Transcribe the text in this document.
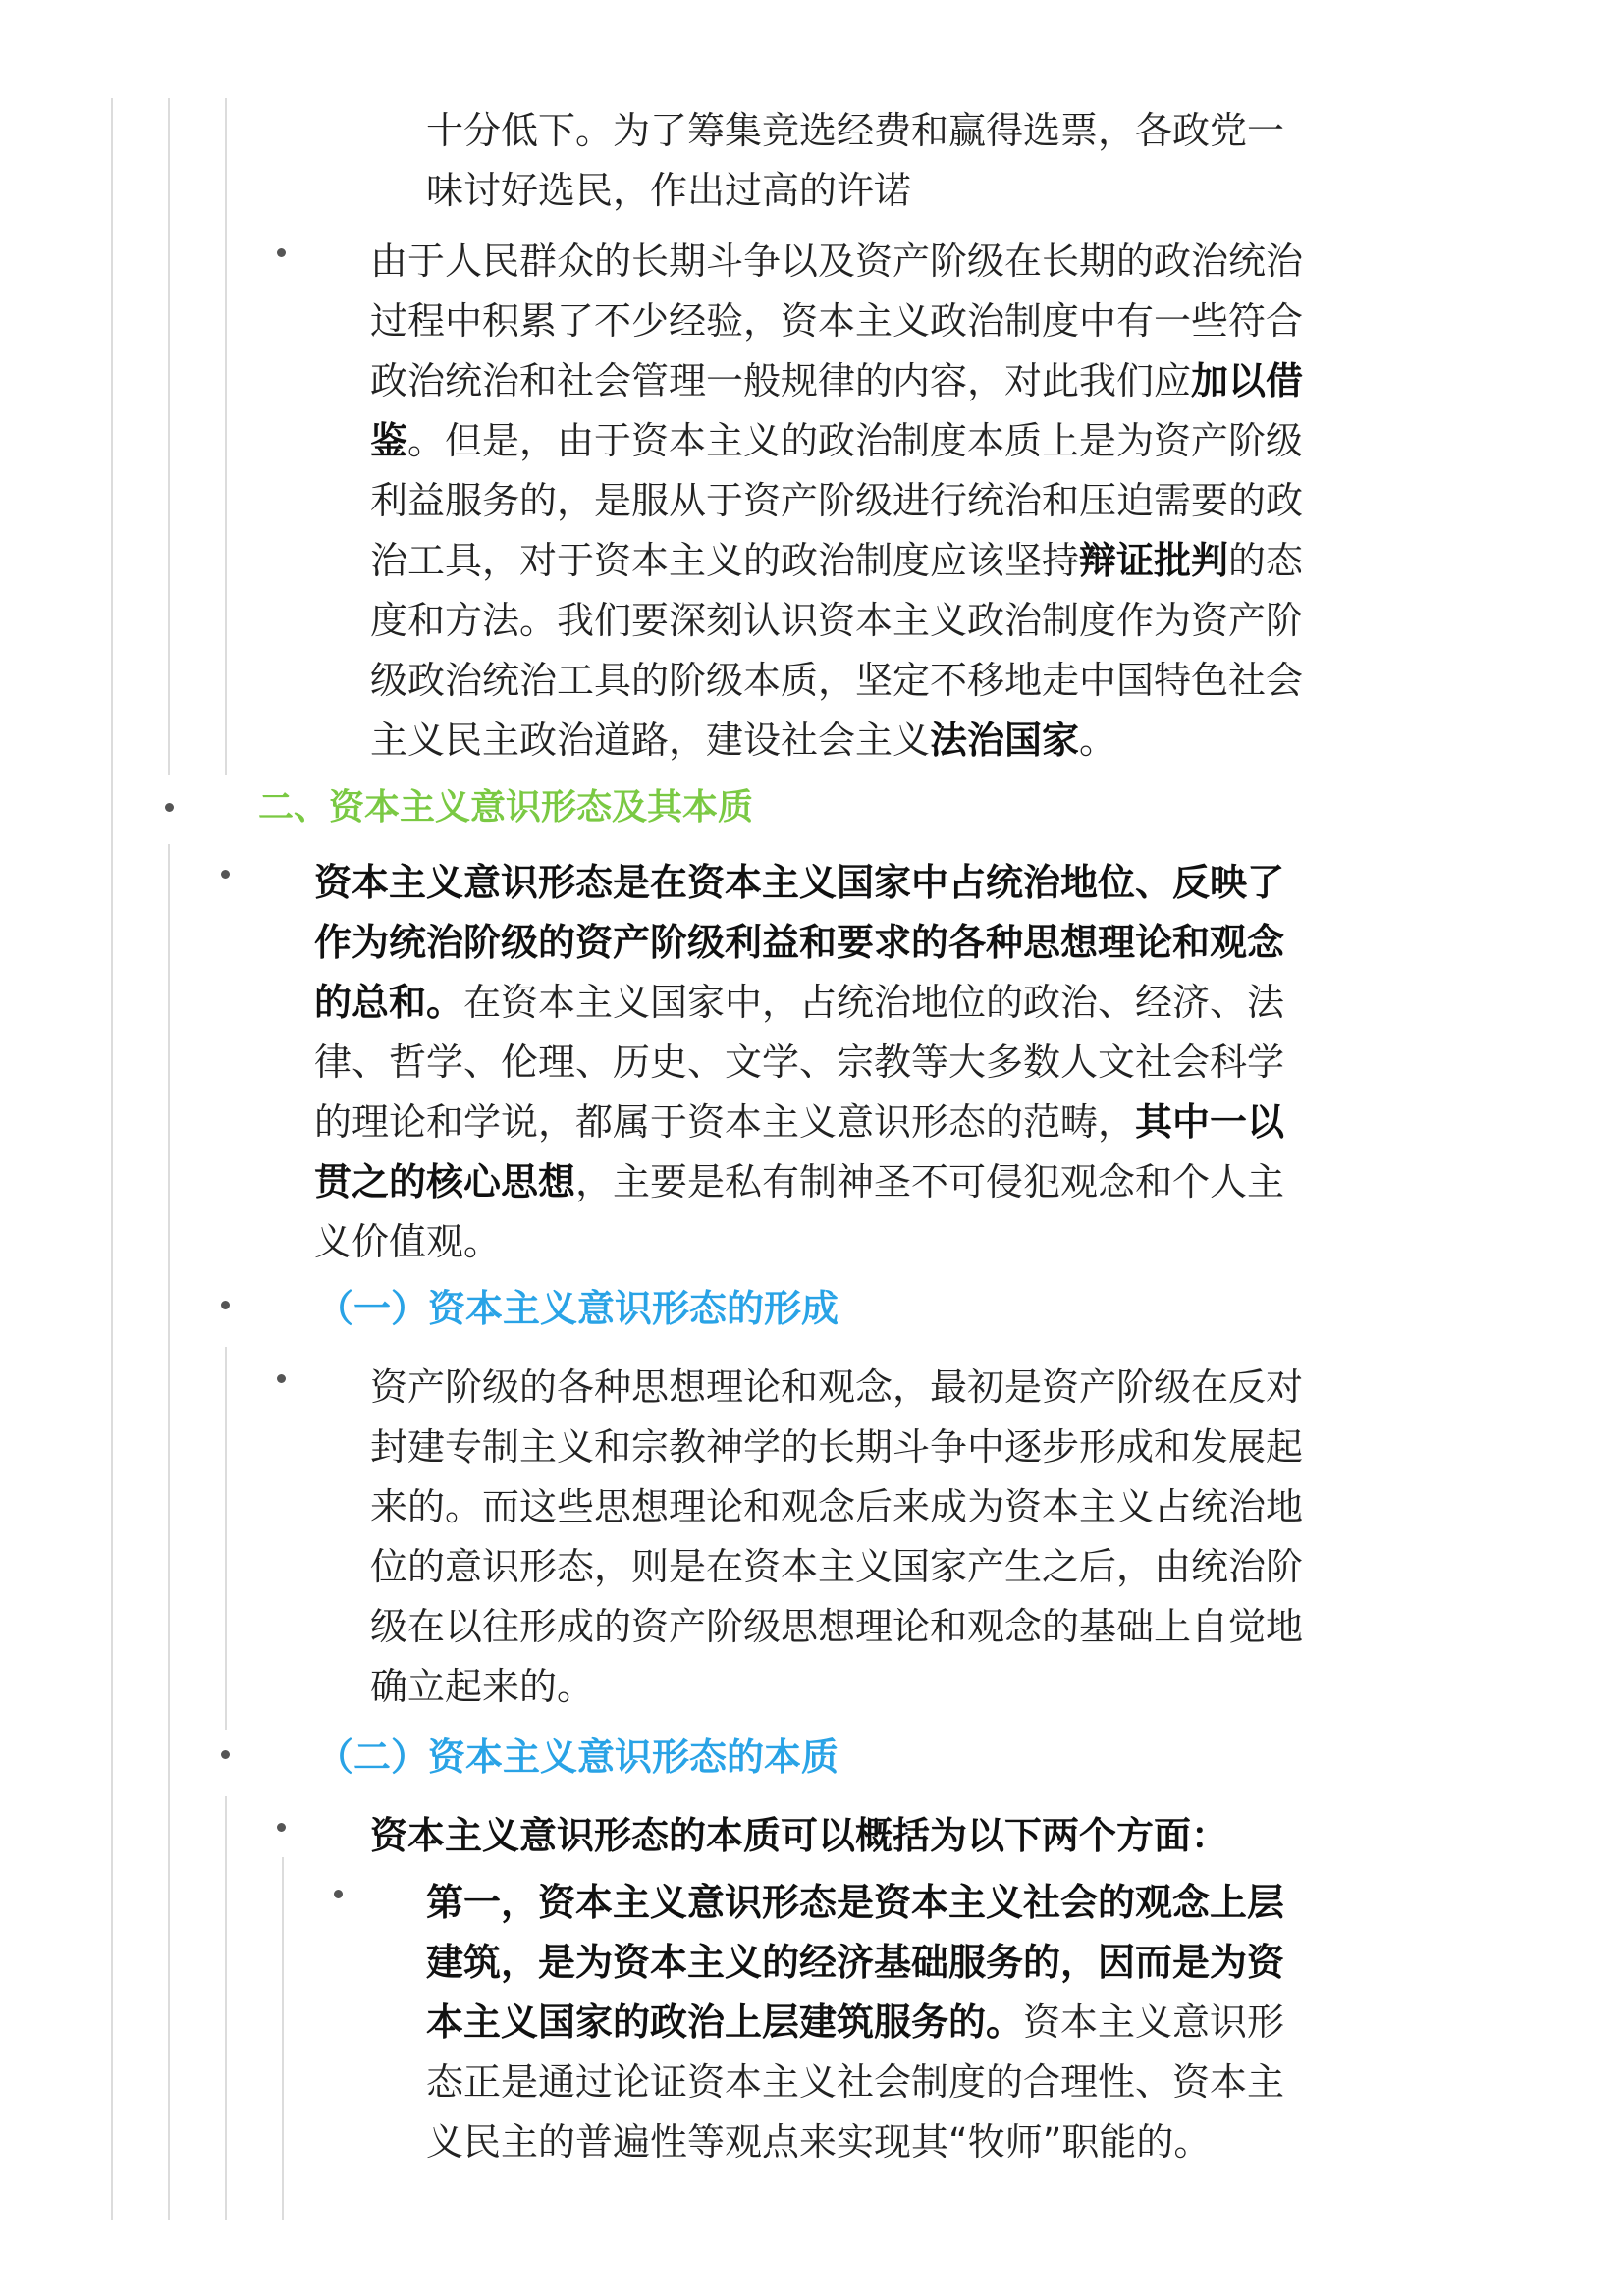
十分低下。为了筹集竞选经费和赢得选票，各政党一
味讨好选民，作出过高的许诺
由于人民群众的长期斗争以及资产阶级在长期的政治统治
过程中积累了不少经验，资本主义政治制度中有一些符合
政治统治和社会管理一般规律的内容，对此我们应加以借
鉴。但是，由于资本主义的政治制度本质上是为资产阶级
利益服务的，是服从于资产阶级进行统治和压迫需要的政
治工具，对于资本主义的政治制度应该坚持辩证批判的态
度和方法。我们要深刻认识资本主义政治制度作为资产阶
级政治统治工具的阶级本质，坚定不移地走中国特色社会
主义民主政治道路，建设社会主义法治国家。
二、资本主义意识形态及其本质
资本主义意识形态是在资本主义国家中占统治地位、反映了
作为统治阶级的资产阶级利益和要求的各种思想理论和观念
的总和。在资本主义国家中，占统治地位的政治、经济、法
律、哲学、伦理、历史、文学、宗教等大多数人文社会科学
的理论和学说，都属于资本主义意识形态的范畴，其中一以
贯之的核心思想，主要是私有制神圣不可侵犯观念和个人主
义价值观。
（一）资本主义意识形态的形成
资产阶级的各种思想理论和观念，最初是资产阶级在反对
封建专制主义和宗教神学的长期斗争中逐步形成和发展起
来的。而这些思想理论和观念后来成为资本主义占统治地
位的意识形态，则是在资本主义国家产生之后，由统治阶
级在以往形成的资产阶级思想理论和观念的基础上自觉地
确立起来的。
（二）资本主义意识形态的本质
资本主义意识形态的本质可以概括为以下两个方面：
第一，资本主义意识形态是资本主义社会的观念上层
建筑，是为资本主义的经济基础服务的，因而是为资
本主义国家的政治上层建筑服务的。资本主义意识形
态正是通过论证资本主义社会制度的合理性、资本主
义民主的普遍性等观点来实现其“牧师”职能的。
